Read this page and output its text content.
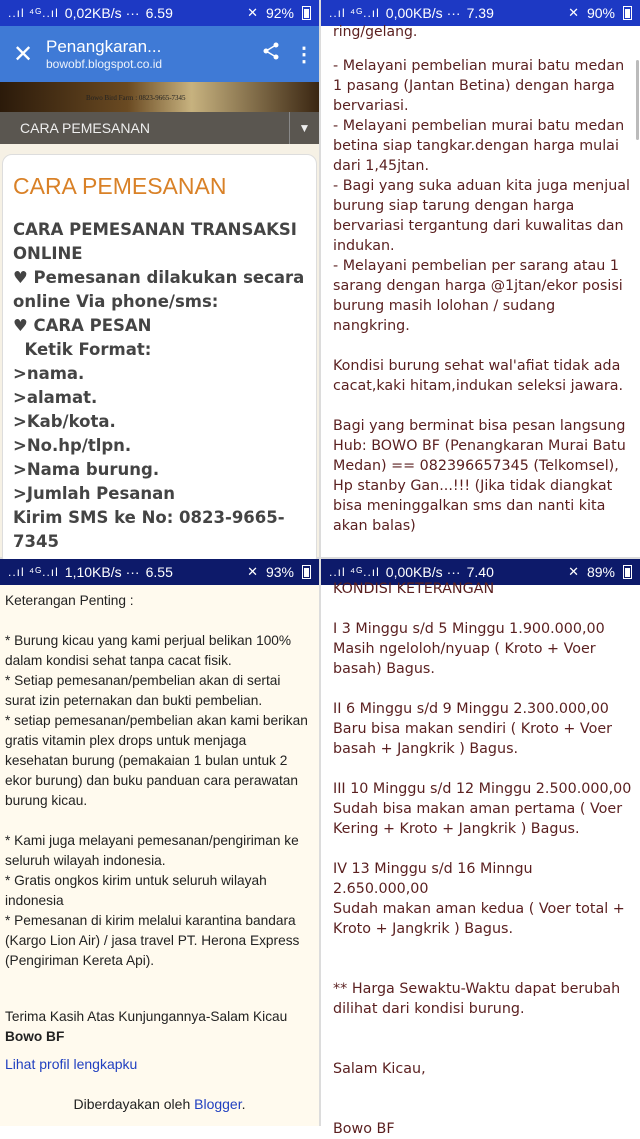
..ıl ⁴ᴳ..ıl 0,02KB/s ··· 6.59	✕ 92%
✕ Penangkaran...
bowobf.blogspot.co.id	⋮
Bowo Bird Farm : 0823-9665-7345
CARA PEMESANAN	▼
CARA PEMESANAN
CARA PEMESANAN TRANSAKSI ONLINE
♥ Pemesanan dilakukan secara online Via phone/sms:
♥ CARA PESAN
Ketik Format:
>nama.
>alamat.
>Kab/kota.
>No.hp/tlpn.
>Nama burung.
>Jumlah Pesanan
Kirim SMS ke No: 0823-9665-7345
..ıl ⁴ᴳ..ıl 0,00KB/s ··· 7.39	✕ 90%
ring/gelang.
- Melayani pembelian murai batu medan 1 pasang (Jantan Betina) dengan harga bervariasi.
- Melayani pembelian murai batu medan betina siap tangkar.dengan harga mulai dari 1,45jtan.
- Bagi yang suka aduan kita juga menjual burung siap tarung dengan harga bervariasi tergantung dari kuwalitas dan indukan.
- Melayani pembelian per sarang atau 1 sarang dengan harga @1jtan/ekor posisi burung masih lolohan / sudang nangkring.

Kondisi burung sehat wal'afiat tidak ada cacat,kaki hitam,indukan seleksi jawara.

Bagi yang berminat bisa pesan langsung Hub: BOWO BF (Penangkaran Murai Batu Medan) == 082396657345 (Telkomsel), Hp stanby Gan...!!! (Jika tidak diangkat bisa meninggalkan sms dan nanti kita akan balas)
..ıl ⁴ᴳ..ıl 1,10KB/s ··· 6.55	✕ 93%
Keterangan Penting :

* Burung kicau yang kami perjual belikan 100% dalam kondisi sehat tanpa cacat fisik.
* Setiap pemesanan/pembelian akan di sertai surat izin peternakan dan bukti pembelian.
* setiap pemesanan/pembelian akan kami berikan gratis vitamin plex drops untuk menjaga kesehatan burung (pemakaian 1 bulan untuk 2 ekor burung) dan buku panduan cara perawatan burung kicau.

* Kami juga melayani pemesanan/pengiriman ke seluruh wilayah indonesia.
* Gratis ongkos kirim untuk seluruh wilayah indonesia
* Pemesanan di kirim melalui karantina bandara (Kargo Lion Air) / jasa travel PT. Herona Express (Pengiriman Kereta Api).
Terima Kasih Atas Kunjungannya-Salam Kicau
Bowo BF
Lihat profil lengkapku
Diberdayakan oleh Blogger.
..ıl ⁴ᴳ..ıl 0,00KB/s ··· 7.40	✕ 89%
KONDISI KETERANGAN

I 3 Minggu s/d 5 Minggu 1.900.000,00
Masih ngeloloh/nyuap ( Kroto + Voer basah) Bagus.

II 6 Minggu s/d 9 Minggu 2.300.000,00
Baru bisa makan sendiri ( Kroto + Voer basah + Jangkrik ) Bagus.

III 10 Minggu s/d 12 Minggu 2.500.000,00
Sudah bisa makan aman pertama ( Voer Kering + Kroto + Jangkrik ) Bagus.

IV 13 Minggu s/d 16 Minngu 2.650.000,00
Sudah makan aman kedua ( Voer total + Kroto + Jangkrik ) Bagus.

** Harga Sewaktu-Waktu dapat berubah dilihat dari kondisi burung.

Salam Kicau,

Bowo BF
